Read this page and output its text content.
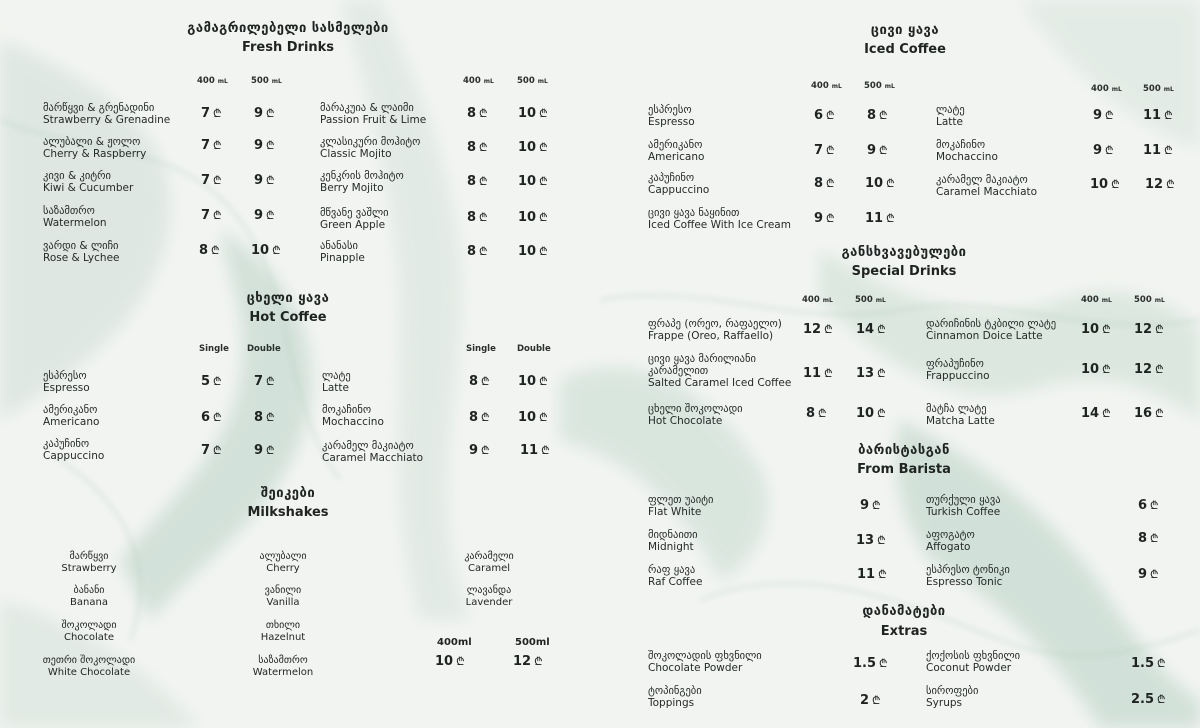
გამაგრილებელი სასმელები
Fresh Drinks
400 mL	500 mL	400 mL	500 mL
მარწყვი & გრენადინი
Strawberry & Grenadine 7 ₾ 9 ₾
ალუბალი & ჟოლო
Cherry & Raspberry
7 ₾ 9 ₾
კივი & კიტრი
Kiwi & Cucumber	7 ₾ 9 ₾
საზამთრო
Watermelon	7 ₾ 9 ₾
ვარდი & ლიჩი
Rose & Lychee	8 ₾ 10 ₾
მარაკუია & ლაიმი
Passion Fruit & Lime	8 ₾ 10 ₾
კლასიკური მოჰიტო
Classic Mojito	8 ₾ 10 ₾
კენკრის მოჰიტო
Berry Mojito	8 ₾ 10 ₾
მწვანე ვაშლი
Green Apple	8 ₾ 10 ₾
ანანასი
Pinapple	8 ₾ 10 ₾
ცხელი ყავა
Hot Coffee
Single Double	Single Double
ესპრესო
Espresso	5 ₾ 7 ₾
ამერიკანო
Americano	6 ₾ 8 ₾
კაპუჩინო
Cappuccino	7 ₾ 9 ₾
ლატე
Latte	8 ₾ 10 ₾
მოკაჩინო
Mochaccino	8 ₾ 10 ₾
კარამელ მაკიატო
Caramel Macchiato	9 ₾ 11 ₾
შეიკები
Milkshakes
მარწყვი
Strawberry
ბანანი
Banana
შოკოლადი
Chocolate
თეთრი შოკოლადი
White Chocolate
ალუბალი
Cherry
ვანილი
Vanilla
თხილი
Hazelnut
საზამთრო
Watermelon
კარამელი
Caramel
ლავანდა
Lavender
400ml	500ml
10 ₾	12 ₾
ცივი ყავა
Iced Coffee
400 mL	500 mL	400 mL 500 mL
ესპრესო
Espresso	6 ₾ 8 ₾
ამერიკანო
Americano	7 ₾ 9 ₾
კაპუჩინო
Cappuccino	8 ₾ 10 ₾
ცივი ყავა ნაყინით
Iced Coffee With Ice Cream 9 ₾ 11 ₾
ლატე
Latte	9 ₾ 11 ₾
მოკაჩინო
Mochaccino	9 ₾ 11 ₾
კარამელ მაკიატო
Caramel Macchiato	10 ₾ 12 ₾
განსხვავებულები
Special Drinks
400 mL	500 mL	400 mL	500 mL
ფრაპე (ორეო, რაფაელო)
Frappe (Oreo, Raffaello)	12 ₾ 14 ₾
ცივი ყავა მარილიანი კარამელით
Salted Caramel Iced Coffee
11 ₾ 13 ₾
ცხელი შოკოლადი
Hot Chocolate	8 ₾ 10 ₾
დარიჩინის ტკბილი ლატე
Cinnamon Doice Latte	10 ₾ 12 ₾
ფრაპუჩინო
Frappuccino	10 ₾ 12 ₾
მატჩა ლატე
Matcha Latte	14 ₾ 16 ₾
ბარისტასგან
From Barista
ფლეთ უაიტი
Flat White	9 ₾
მიდნაითი
Midnight	13 ₾
რაფ ყავა
Raf Coffee	11 ₾
თურქული ყავა
Turkish Coffee	6 ₾
აფოგატო
Affogato
8 ₾
ესპრესო ტონიკი
Espresso Tonic	9 ₾
დანამატები
Extras
შოკოლადის ფხვნილი
Chocolate Powder	1.5 ₾
ტოპინგები
Toppings	2 ₾
ქოქოსის ფხვნილი
Coconut Powder	1.5 ₾
სიროფები
Syrups	2.5 ₾
